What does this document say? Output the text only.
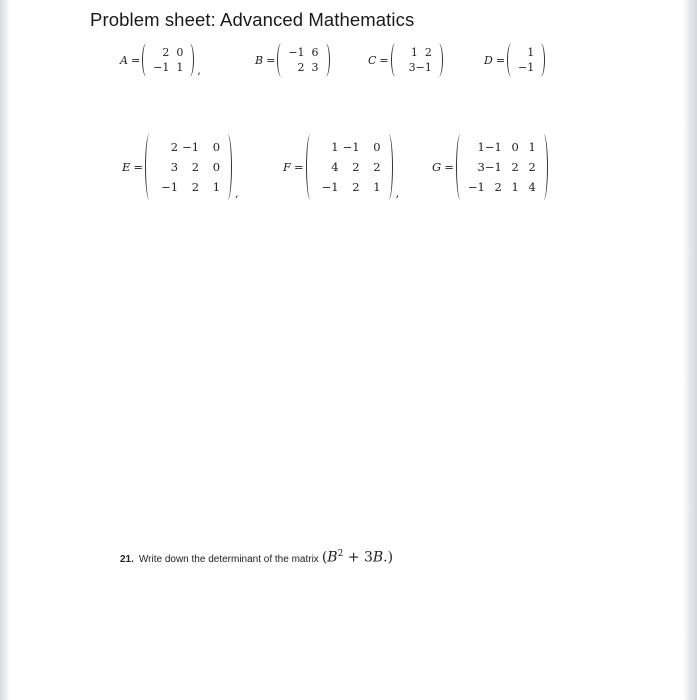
Problem sheet: Advanced Mathematics
A =
2 0
−1 1 ,
B =
−1 6
2 3
C =
1 2
3 −1
D =
1
−1
E =
2 −1	0
3	2	0
−1	2	1 ,
F =
1 −1	0
4	2	2
−1	2	1 ,
G =
1 −1 0 1
3 −1 2 2
−1 2 1 4
21. Write down the determinant of the matrix $(B^2 + 3B.)$
